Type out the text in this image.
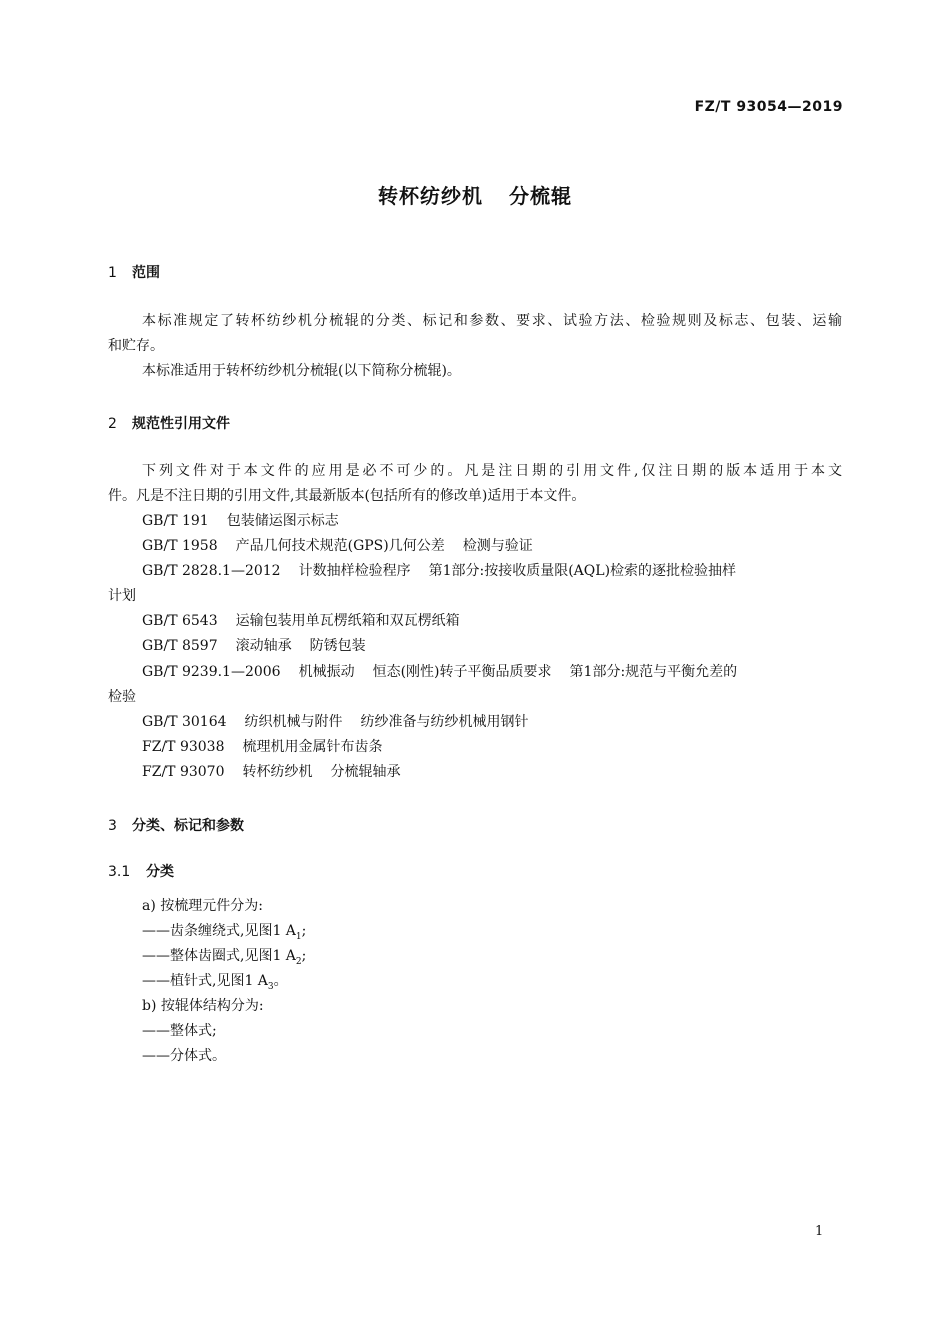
FZ/T 93054—2019
转杯纺纱机 分梳辊
1 范围
本标准规定了转杯纺纱机分梳辊的分类、标记和参数、要求、试验方法、检验规则及标志、包装、运输
和贮存。
本标准适用于转杯纺纱机分梳辊(以下简称分梳辊)。
2 规范性引用文件
下列文件对于本文件的应用是必不可少的。凡是注日期的引用文件,仅注日期的版本适用于本文
件。凡是不注日期的引用文件,其最新版本(包括所有的修改单)适用于本文件。
GB/T 191 包装储运图示标志
GB/T 1958 产品几何技术规范(GPS)几何公差 检测与验证
GB/T 2828.1—2012 计数抽样检验程序 第1部分:按接收质量限(AQL)检索的逐批检验抽样
计划
GB/T 6543 运输包装用单瓦楞纸箱和双瓦楞纸箱
GB/T 8597 滚动轴承 防锈包装
GB/T 9239.1—2006 机械振动 恒态(刚性)转子平衡品质要求 第1部分:规范与平衡允差的
检验
GB/T 30164 纺织机械与附件 纺纱准备与纺纱机械用钢针
FZ/T 93038 梳理机用金属针布齿条
FZ/T 93070 转杯纺纱机 分梳辊轴承
3 分类、标记和参数
3.1 分类
a) 按梳理元件分为:
——齿条缠绕式,见图1 $A_1$;
——整体齿圈式,见图1 $A_2$;
——植针式,见图1 $A_3$。
b) 按辊体结构分为:
——整体式;
——分体式。
1
